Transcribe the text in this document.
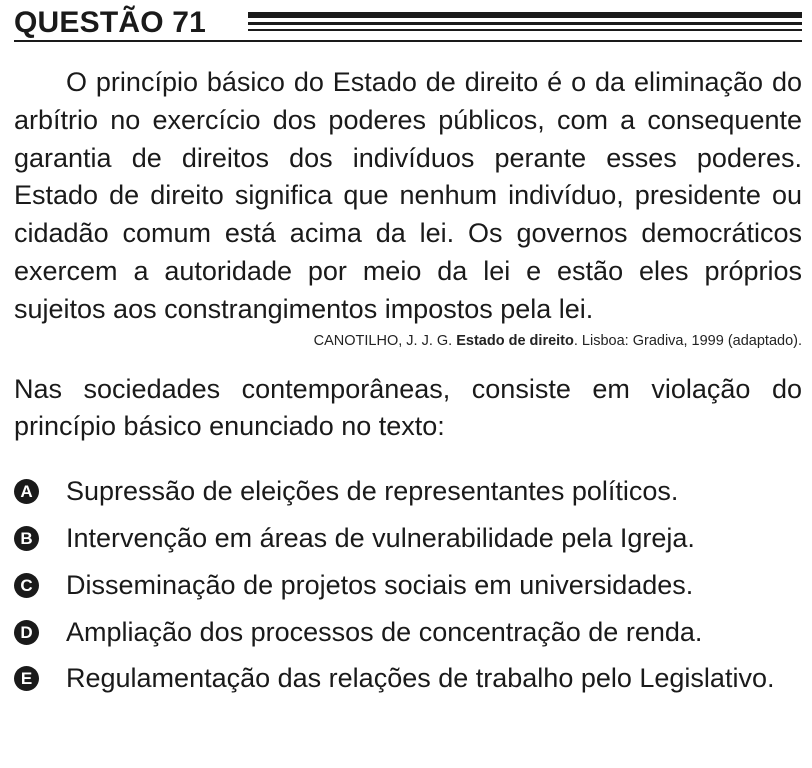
QUESTÃO 71

O princípio básico do Estado de direito é o da eliminação do arbítrio no exercício dos poderes públicos, com a consequente garantia de direitos dos indivíduos perante esses poderes. Estado de direito significa que nenhum indivíduo, presidente ou cidadão comum está acima da lei. Os governos democráticos exercem a autoridade por meio da lei e estão eles próprios sujeitos aos constrangimentos impostos pela lei.

CANOTILHO, J. J. G. Estado de direito. Lisboa: Gradiva, 1999 (adaptado).

Nas sociedades contemporâneas, consiste em violação do princípio básico enunciado no texto:

A Supressão de eleições de representantes políticos.
B Intervenção em áreas de vulnerabilidade pela Igreja.
C Disseminação de projetos sociais em universidades.
D Ampliação dos processos de concentração de renda.
E Regulamentação das relações de trabalho pelo Legislativo.
